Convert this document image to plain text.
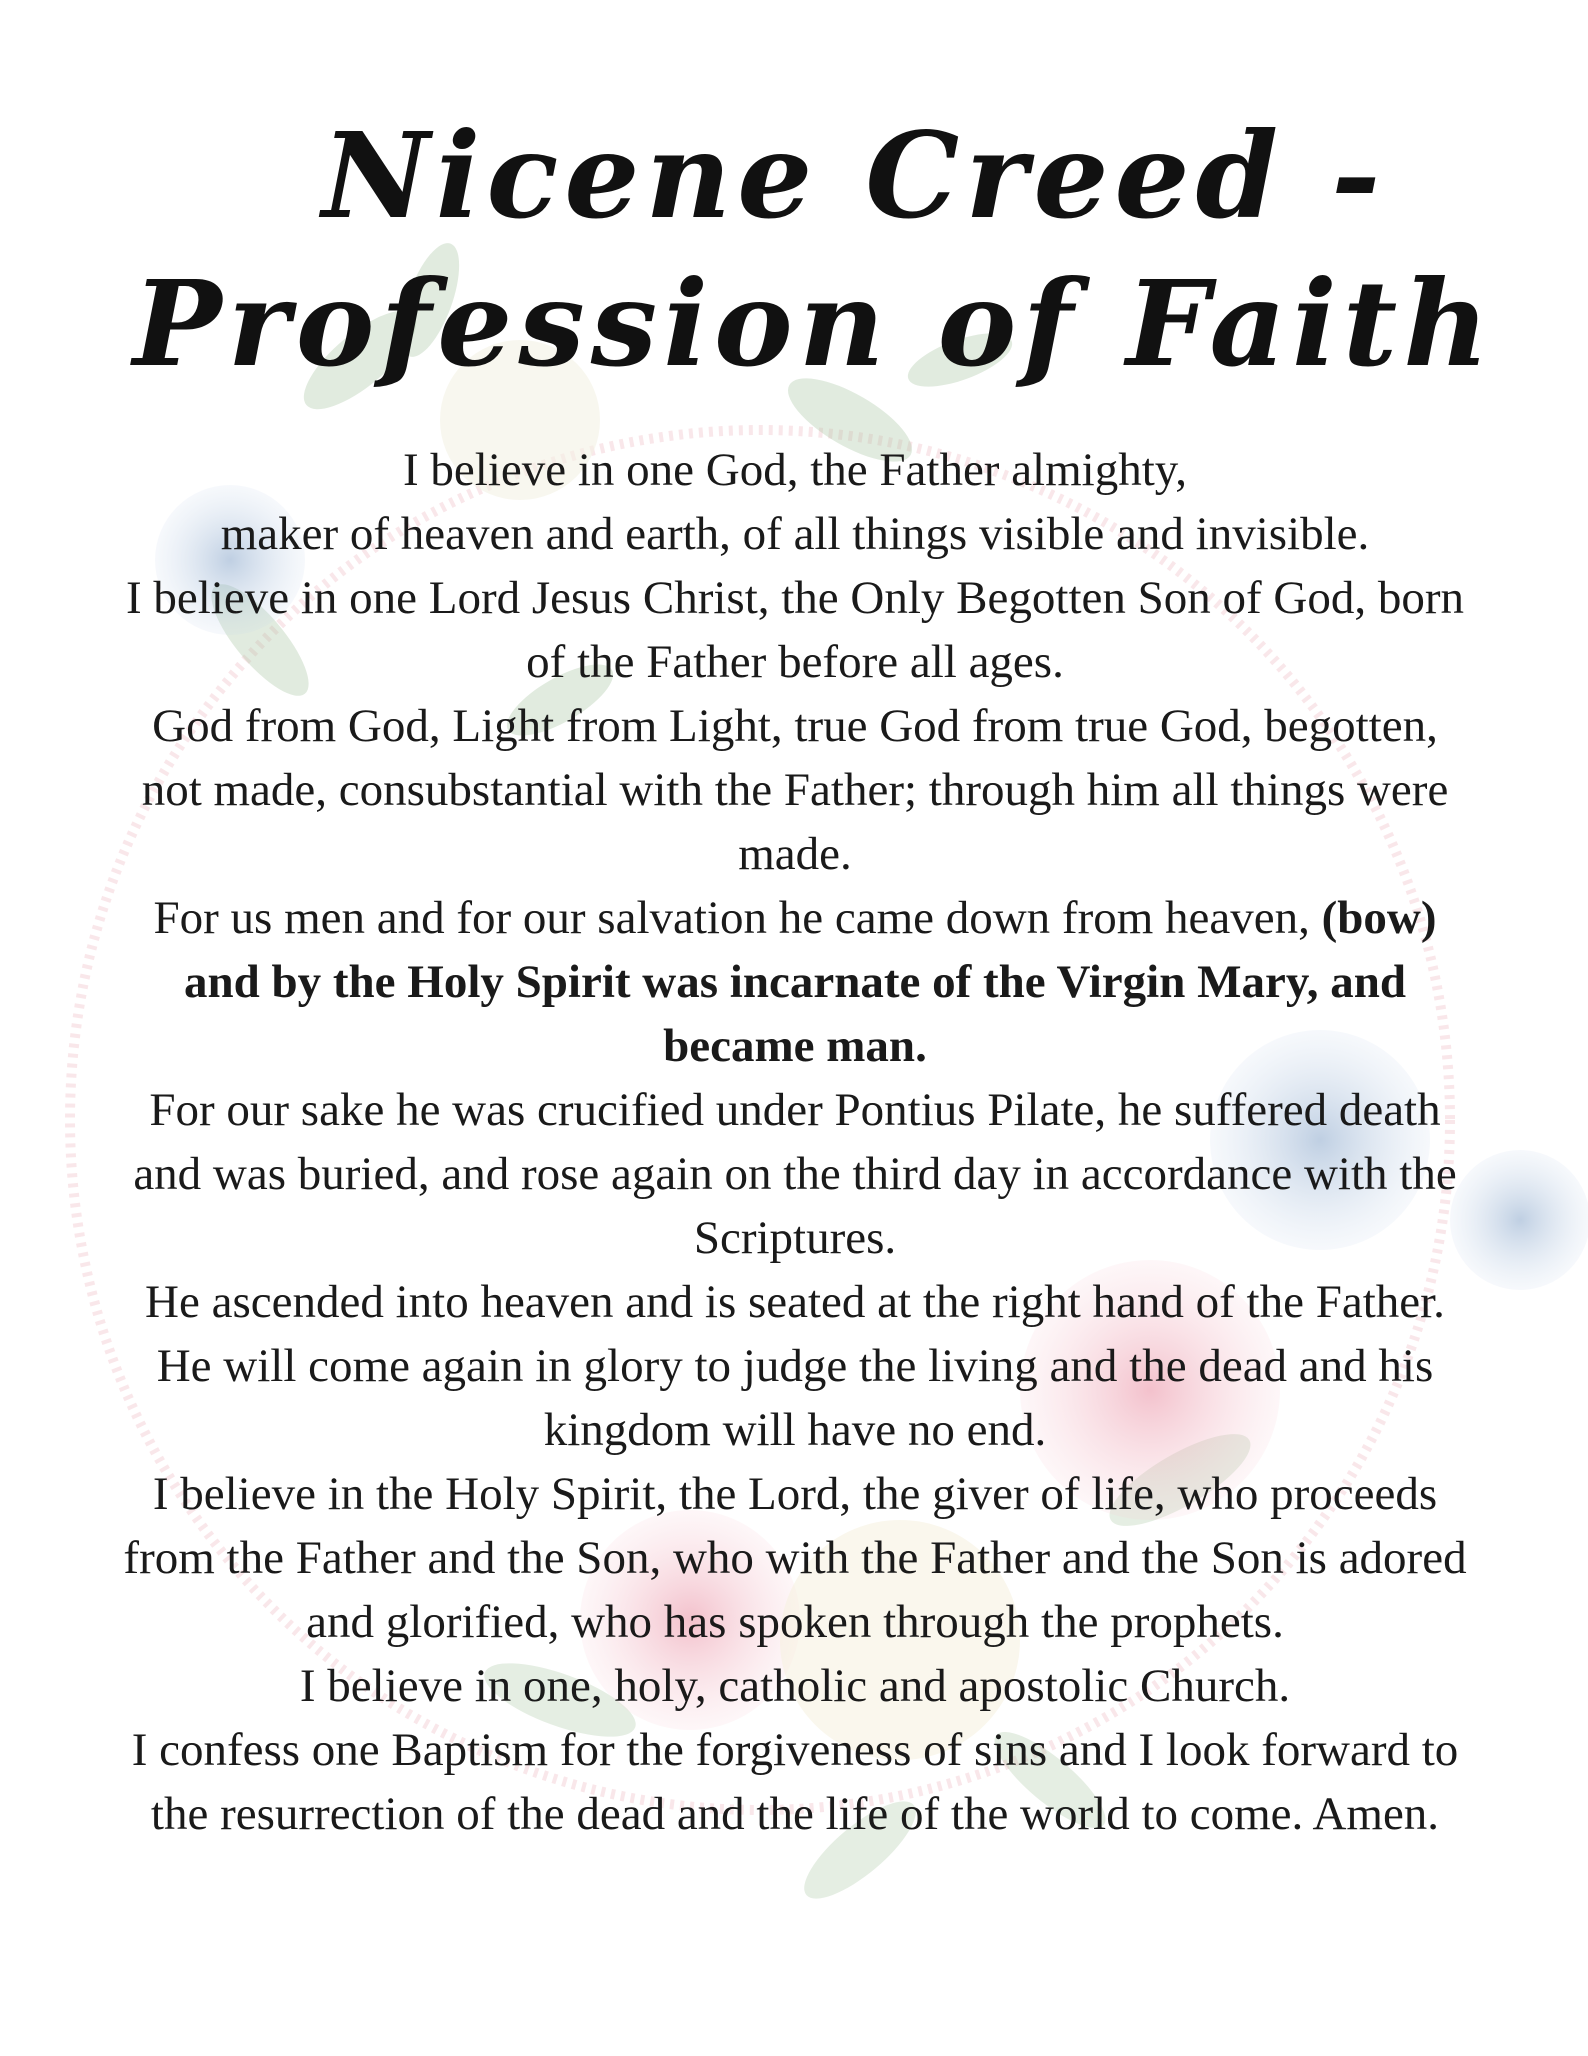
Nicene Creed -
Profession of Faith

I believe in one God, the Father almighty,

maker of heaven and earth, of all things visible and invisible.

I believe in one Lord Jesus Christ, the Only Begotten Son of God, born of the Father before all ages.

God from God, Light from Light, true God from true God, begotten, not made, consubstantial with the Father; through him all things were made.

For us men and for our salvation he came down from heaven, (bow) and by the Holy Spirit was incarnate of the Virgin Mary, and became man.

For our sake he was crucified under Pontius Pilate, he suffered death and was buried, and rose again on the third day in accordance with the Scriptures.

He ascended into heaven and is seated at the right hand of the Father. He will come again in glory to judge the living and the dead and his kingdom will have no end.

I believe in the Holy Spirit, the Lord, the giver of life, who proceeds from the Father and the Son, who with the Father and the Son is adored and glorified, who has spoken through the prophets.

I believe in one, holy, catholic and apostolic Church.

I confess one Baptism for the forgiveness of sins and I look forward to the resurrection of the dead and the life of the world to come. Amen.
